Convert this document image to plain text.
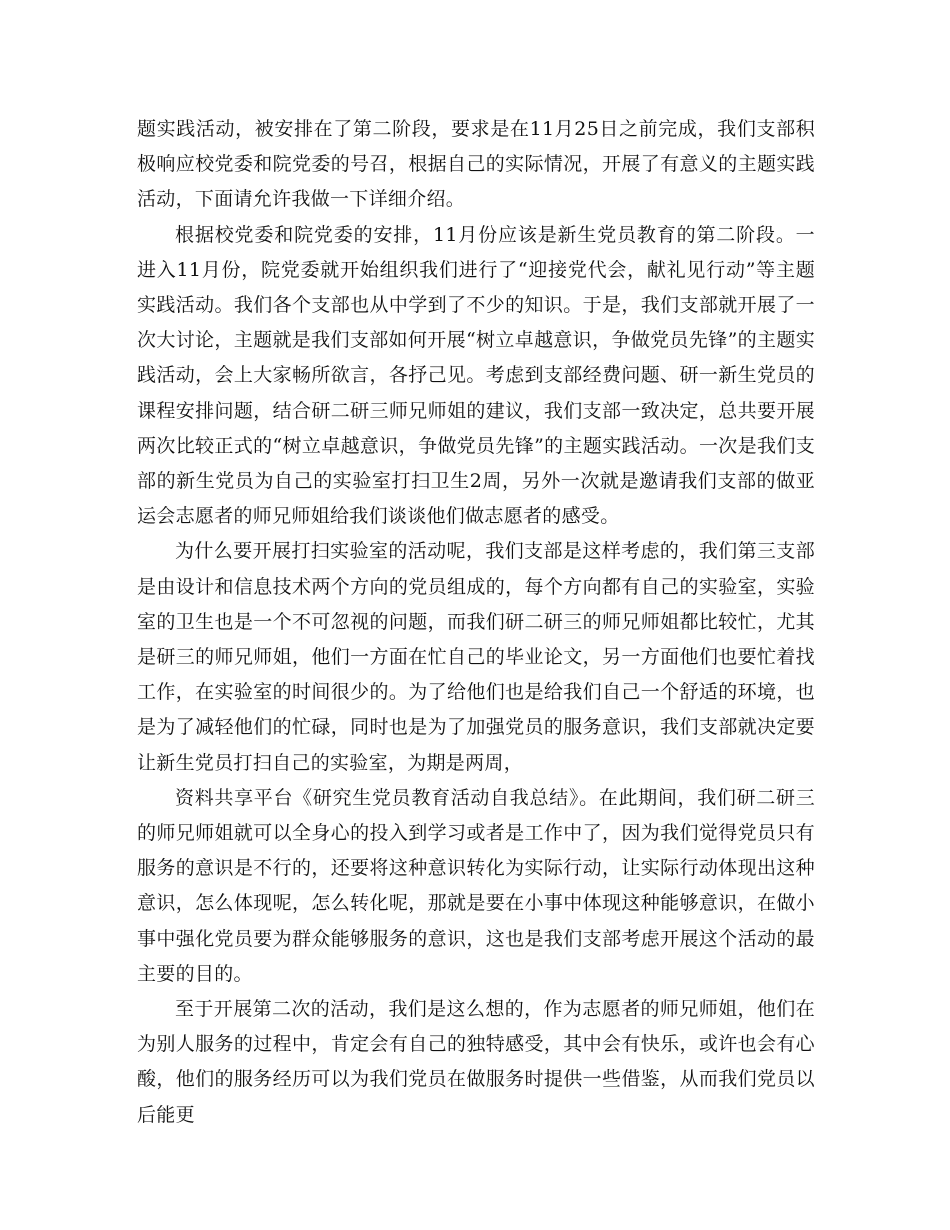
题实践活动，被安排在了第二阶段，要求是在11月25日之前完成，我们支部积极响应校党委和院党委的号召，根据自己的实际情况，开展了有意义的主题实践活动，下面请允许我做一下详细介绍。

根据校党委和院党委的安排，11月份应该是新生党员教育的第二阶段。一进入11月份，院党委就开始组织我们进行了“迎接党代会，献礼见行动”等主题实践活动。我们各个支部也从中学到了不少的知识。于是，我们支部就开展了一次大讨论，主题就是我们支部如何开展“树立卓越意识，争做党员先锋”的主题实践活动，会上大家畅所欲言，各抒己见。考虑到支部经费问题、研一新生党员的课程安排问题，结合研二研三师兄师姐的建议，我们支部一致决定，总共要开展两次比较正式的“树立卓越意识，争做党员先锋”的主题实践活动。一次是我们支部的新生党员为自己的实验室打扫卫生2周，另外一次就是邀请我们支部的做亚运会志愿者的师兄师姐给我们谈谈他们做志愿者的感受。

为什么要开展打扫实验室的活动呢，我们支部是这样考虑的，我们第三支部是由设计和信息技术两个方向的党员组成的，每个方向都有自己的实验室，实验室的卫生也是一个不可忽视的问题，而我们研二研三的师兄师姐都比较忙，尤其是研三的师兄师姐，他们一方面在忙自己的毕业论文，另一方面他们也要忙着找工作，在实验室的时间很少的。为了给他们也是给我们自己一个舒适的环境，也是为了减轻他们的忙碌，同时也是为了加强党员的服务意识，我们支部就决定要让新生党员打扫自己的实验室，为期是两周，

资料共享平台《研究生党员教育活动自我总结》。在此期间，我们研二研三的师兄师姐就可以全身心的投入到学习或者是工作中了，因为我们觉得党员只有服务的意识是不行的，还要将这种意识转化为实际行动，让实际行动体现出这种意识，怎么体现呢，怎么转化呢，那就是要在小事中体现这种能够意识，在做小事中强化党员要为群众能够服务的意识，这也是我们支部考虑开展这个活动的最主要的目的。

至于开展第二次的活动，我们是这么想的，作为志愿者的师兄师姐，他们在为别人服务的过程中，肯定会有自己的独特感受，其中会有快乐，或许也会有心酸，他们的服务经历可以为我们党员在做服务时提供一些借鉴，从而我们党员以后能更
